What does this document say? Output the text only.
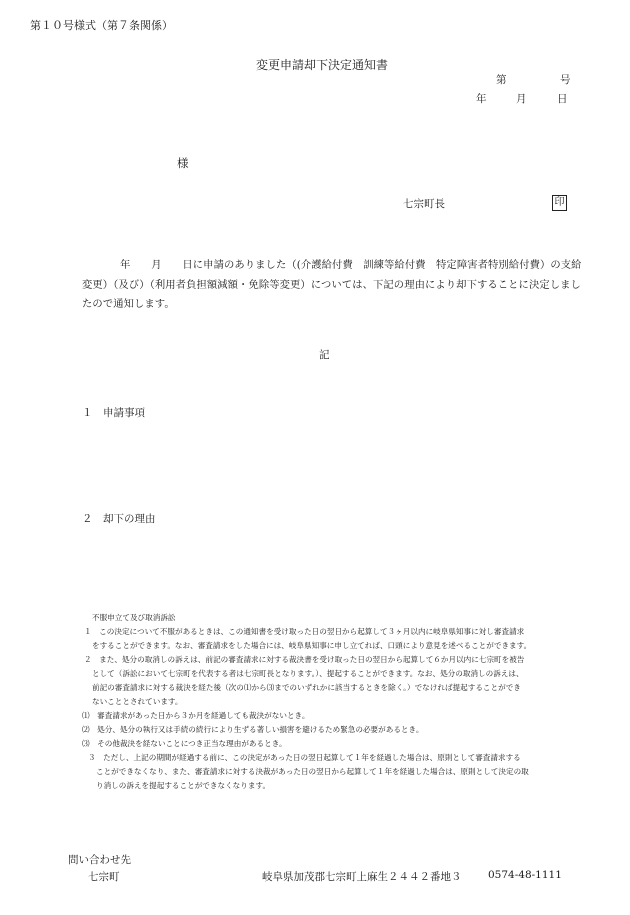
第１０号様式（第７条関係）
変更申請却下決定通知書
第	号
年	月	日
様
七宗町長	印
年　　月　　日に申請のありました（(介護給付費　訓練等給付費　特定障害者特別給付費）の支給変更）（及び）（利用者負担額減額・免除等変更）については、下記の理由により却下することに決定しましたので通知します。
記
１　申請事項
２　却下の理由
不服申立て及び取消訴訟
１　この決定について不服があるときは、この通知書を受け取った日の翌日から起算して３ヶ月以内に岐阜県知事に対し審査請求
をすることができます。なお、審査請求をした場合には、岐阜県知事に申し立てれば、口頭により意見を述べることができます。
２　また、処分の取消しの訴えは、前記の審査請求に対する裁決書を受け取った日の翌日から起算して６か月以内に七宗町を被告
として（訴訟において七宗町を代表する者は七宗町長となります。）、提起することができます。なお、処分の取消しの訴えは、
前記の審査請求に対する裁決を経た後（次の⑴から⑶までのいずれかに該当するときを除く。）でなければ提起することができ
ないこととされています。
⑴　審査請求があった日から３か月を経過しても裁決がないとき。
⑵　処分、処分の執行又は手続の続行により生ずる著しい損害を避けるため緊急の必要があるとき。
⑶　その他裁決を経ないことにつき正当な理由があるとき。
３　ただし、上記の期間が経過する前に、この決定があった日の翌日起算して１年を経過した場合は、原則として審査請求する
ことができなくなり、また、審査請求に対する決裁があった日の翌日から起算して１年を経過した場合は、原則として決定の取
り消しの訴えを提起することができなくなります。
問い合わせ先
七宗町	岐阜県加茂郡七宗町上麻生２４４２番地３	0574-48-1111
